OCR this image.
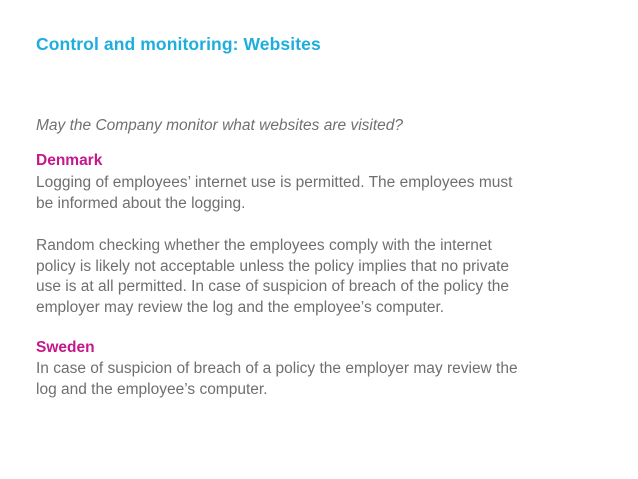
Control and monitoring: Websites
May the Company monitor what websites are visited?
Denmark

Logging of employees’ internet use is permitted. The employees must
be informed about the logging.

Random checking whether the employees comply with the internet
policy is likely not acceptable unless the policy implies that no private
use is at all permitted. In case of suspicion of breach of the policy the
employer may review the log and the employee’s computer.

Sweden

In case of suspicion of breach of a policy the employer may review the
log and the employee’s computer.
